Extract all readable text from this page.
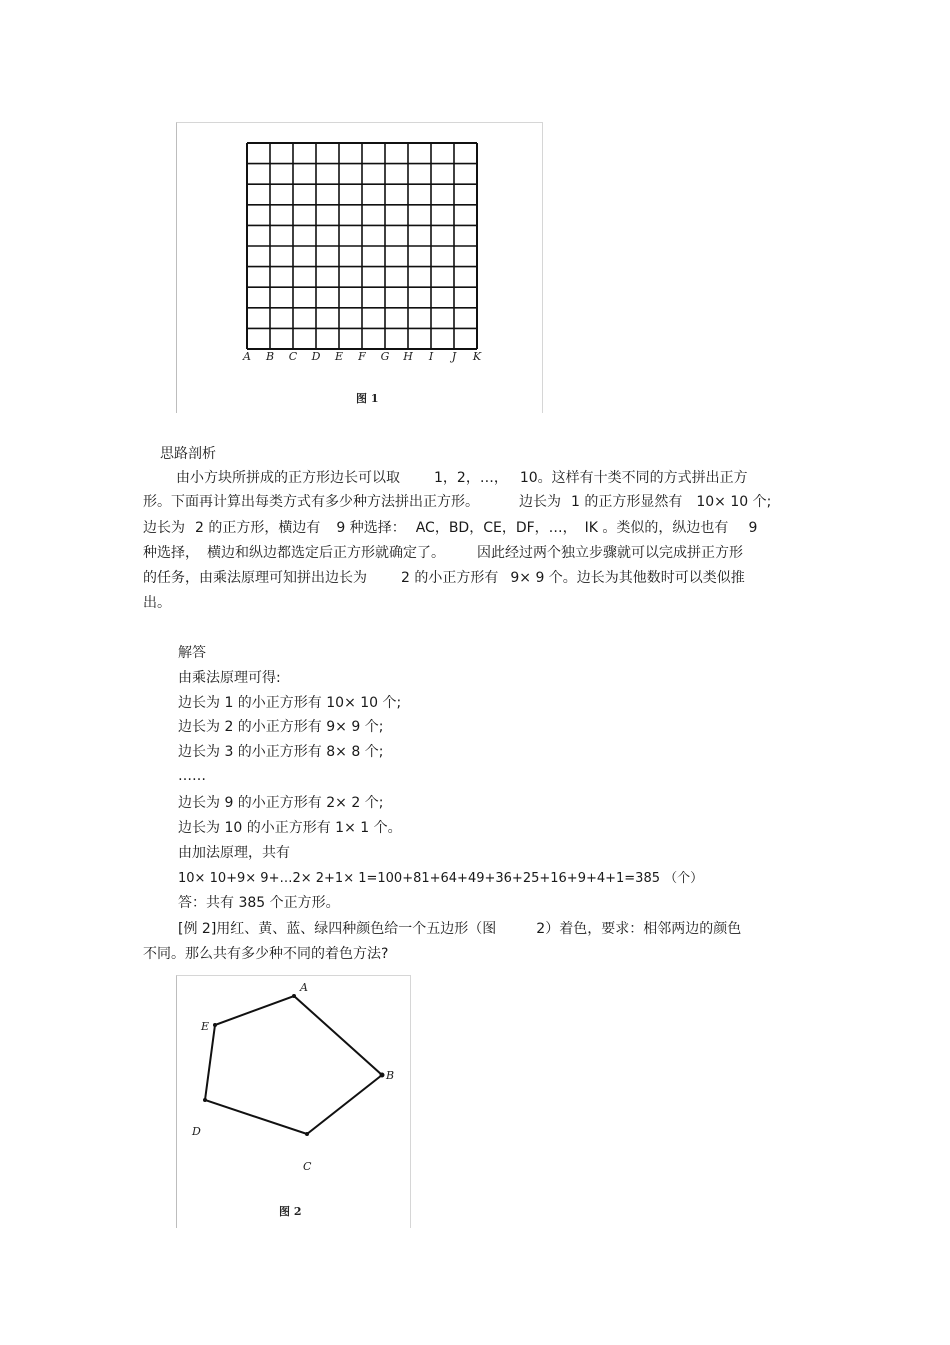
A	B	C	D	E	F	G	H	I	J	K
图 1
思路剖析
由小方块所拼成的正方形边长可以取 1，2，…， 10。这样有十类不同的方式拼出正方
形。下面再计算出每类方式有多少种方法拼出正方形。	边长为 1 的正方形显然有 10× 10 个;
边长为 2 的正方形，横边有 9 种选择： AC，BD，CE，DF，…， IK 。类似的，纵边也有 9
种选择， 横边和纵边都选定后正方形就确定了。 因此经过两个独立步骤就可以完成拼正方形
的任务，由乘法原理可知拼出边长为 2 的小正方形有 9× 9 个。边长为其他数时可以类似推
出。
解答
由乘法原理可得:
边长为 1 的小正方形有 10× 10 个;
边长为 2 的小正方形有 9× 9 个;
边长为 3 的小正方形有 8× 8 个;
……
边长为 9 的小正方形有 2× 2 个;
边长为 10 的小正方形有 1× 1 个。
由加法原理，共有
10× 10+9× 9+…2× 2+1× 1=100+81+64+49+36+25+16+9+4+1=385 （个）
答：共有 385 个正方形。
[例 2]用红、黄、蓝、绿四种颜色给一个五边形（图	2）着色，要求：相邻两边的颜色
不同。那么共有多少种不同的着色方法?
A
B
C
D
E
图 2
